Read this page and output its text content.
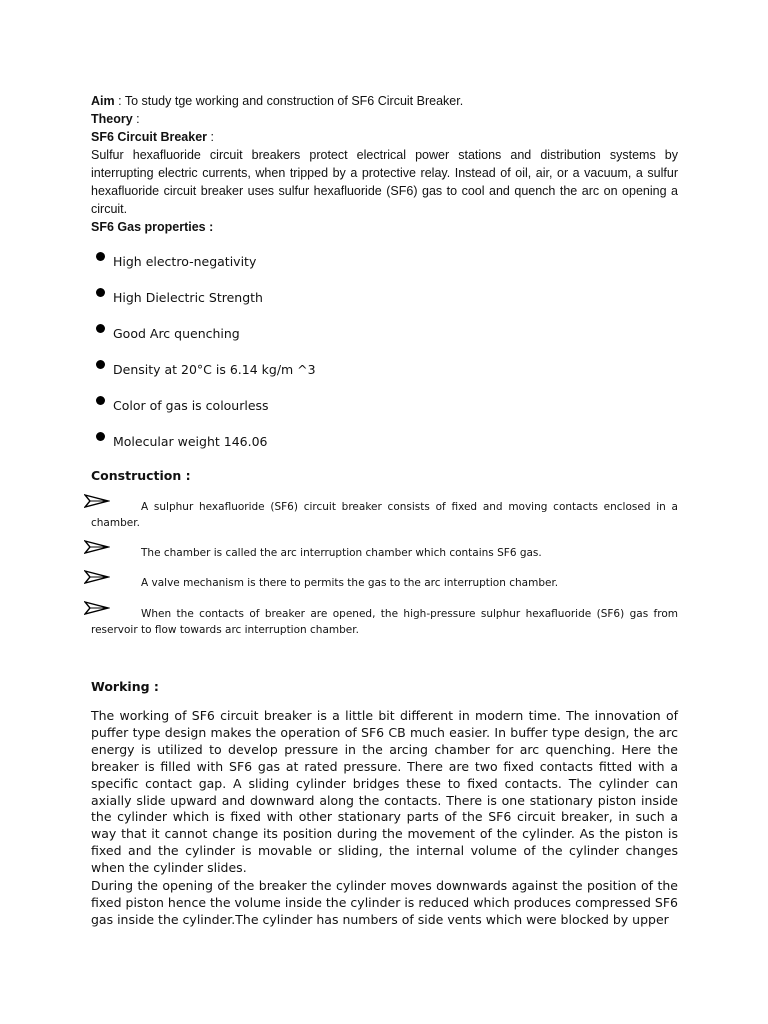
Aim : To study tge working and construction of SF6 Circuit Breaker.
Theory :
SF6 Circuit Breaker :
Sulfur hexafluoride circuit breakers protect electrical power stations and distribution systems by interrupting electric currents, when tripped by a protective relay. Instead of oil, air, or a vacuum, a sulfur hexafluoride circuit breaker uses sulfur hexafluoride (SF6) gas to cool and quench the arc on opening a circuit.
SF6 Gas properties :
High electro-negativity
High Dielectric Strength
Good Arc quenching
Density at 20°C is 6.14 kg/m ^3
Color of gas is colourless
Molecular weight 146.06
Construction :
A sulphur hexafluoride (SF6) circuit breaker consists of fixed and moving contacts enclosed in a chamber.
The chamber is called the arc interruption chamber which contains SF6 gas.
A valve mechanism is there to permits the gas to the arc interruption chamber.
When the contacts of breaker are opened, the high-pressure sulphur hexafluoride (SF6) gas from reservoir to flow towards arc interruption chamber.
Working :
The working of SF6 circuit breaker is a little bit different in modern time. The innovation of puffer type design makes the operation of SF6 CB much easier. In buffer type design, the arc energy is utilized to develop pressure in the arcing chamber for arc quenching. Here the breaker is filled with SF6 gas at rated pressure. There are two fixed contacts fitted with a specific contact gap. A sliding cylinder bridges these to fixed contacts. The cylinder can axially slide upward and downward along the contacts. There is one stationary piston inside the cylinder which is fixed with other stationary parts of the SF6 circuit breaker, in such a way that it cannot change its position during the movement of the cylinder. As the piston is fixed and the cylinder is movable or sliding, the internal volume of the cylinder changes when the cylinder slides.
During the opening of the breaker the cylinder moves downwards against the position of the fixed piston hence the volume inside the cylinder is reduced which produces compressed SF6 gas inside the cylinder.The cylinder has numbers of side vents which were blocked by upper
